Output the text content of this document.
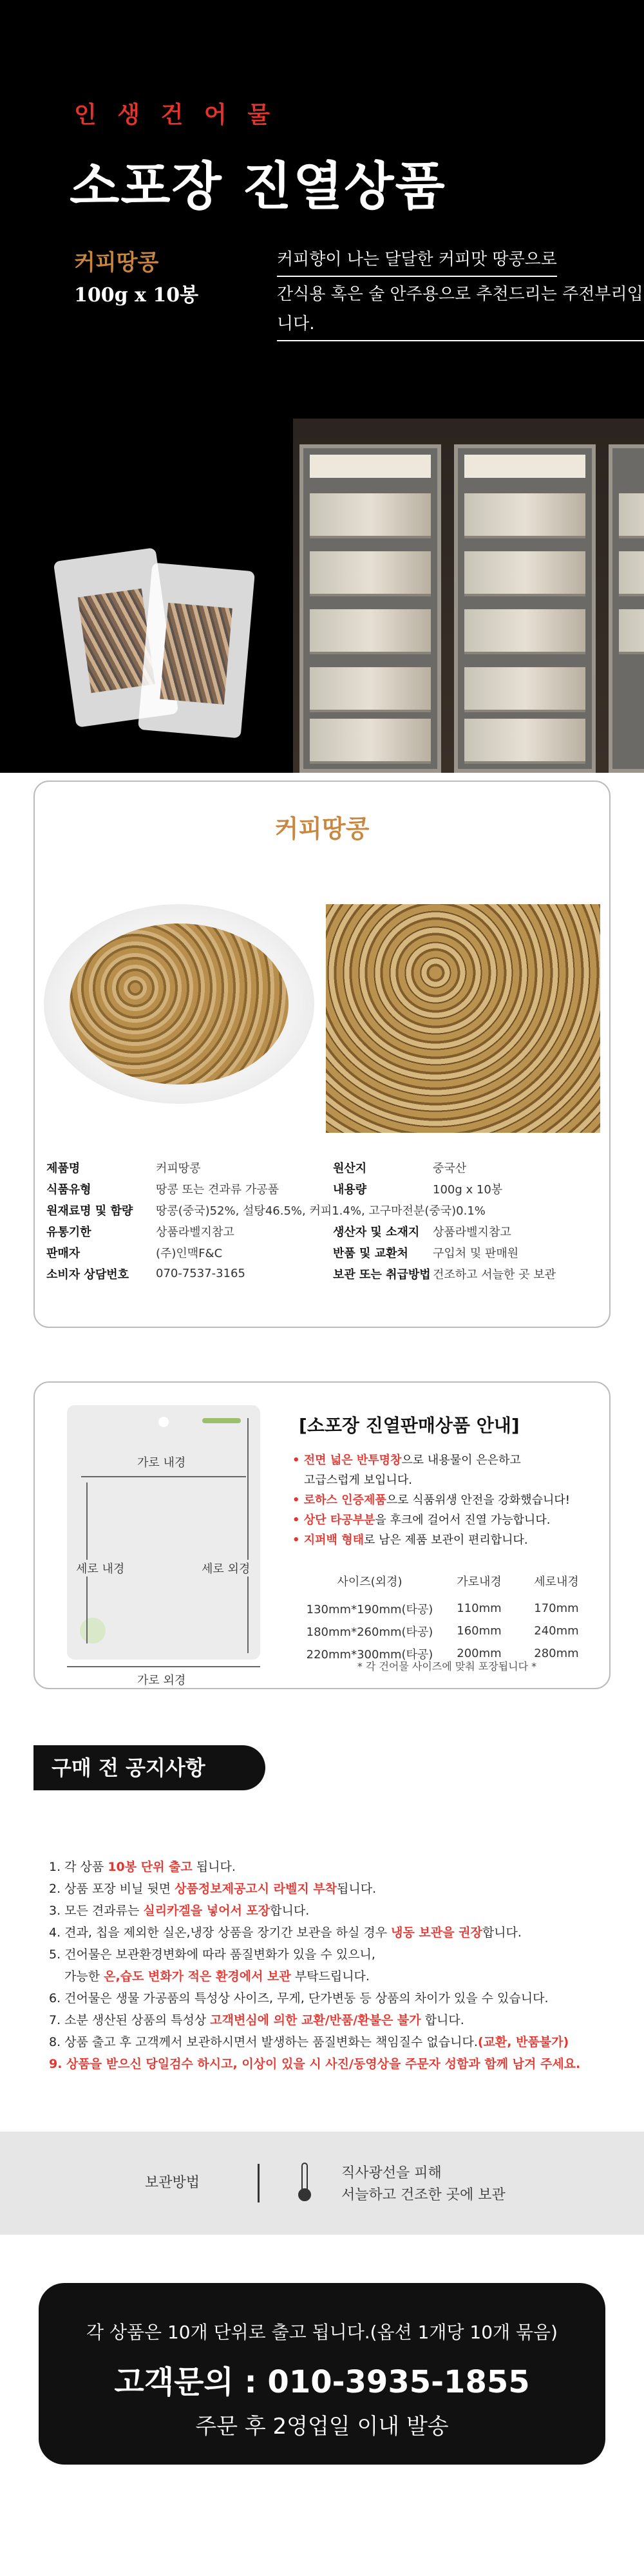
인 생 건 어 물
소포장 진열상품
커피땅콩
100g x 10봉
커피향이 나는 달달한 커피맛 땅콩으로
간식용 혹은 술 안주용으로 추천드리는 주전부리입니다.
커피땅콩
제품명	커피땅콩	원산지	중국산
식품유형	땅콩 또는 견과류 가공품	내용량	100g x 10봉
원재료명 및 함량	땅콩(중국)52%, 설탕46.5%, 커피1.4%, 고구마전분(중국)0.1%
유통기한	상품라벨지참고	생산자 및 소재지	상품라벨지참고
판매자	(주)인맥F&C	반품 및 교환처	구입처 및 판매원
소비자 상담번호	070-7537-3165	보관 또는 취급방법 건조하고 서늘한 곳 보관
가로 내경
세로 내경	세로 외경
가로 외경
[소포장 진열판매상품 안내]
• 전면 넓은 반투명창으로 내용물이 은은하고
고급스럽게 보입니다.
• 로하스 인증제품으로 식품위생 안전을 강화했습니다!
• 상단 타공부분을 후크에 걸어서 진열 가능합니다.
• 지퍼백 형태로 남은 제품 보관이 편리합니다.
사이즈(외경)	가로내경	세로내경
130mm*190mm(타공)	110mm	170mm
180mm*260mm(타공)	160mm	240mm
220mm*300mm(타공)	200mm	280mm
* 각 건어물 사이즈에 맞춰 포장됩니다 *
구매 전 공지사항
1. 각 상품 10봉 단위 출고 됩니다.
2. 상품 포장 비닐 뒷면 상품정보제공고시 라벨지 부착됩니다.
3. 모든 견과류는 실리카겔을 넣어서 포장합니다.
4. 견과, 칩을 제외한 실온,냉장 상품을 장기간 보관을 하실 경우 냉동 보관을 권장합니다.
5. 건어물은 보관환경변화에 따라 품질변화가 있을 수 있으니,
가능한 온,습도 변화가 적은 환경에서 보관 부탁드립니다.
6. 건어물은 생물 가공품의 특성상 사이즈, 무게, 단가변동 등 상품의 차이가 있을 수 있습니다.
7. 소분 생산된 상품의 특성상 고객변심에 의한 교환/반품/환불은 불가 합니다.
8. 상품 출고 후 고객께서 보관하시면서 발생하는 품질변화는 책임질수 없습니다.(교환, 반품불가)
9. 상품을 받으신 당일검수 하시고, 이상이 있을 시 사진/동영상을 주문자 성함과 함께 남겨 주세요.
보관방법
직사광선을 피해
서늘하고 건조한 곳에 보관
각 상품은 10개 단위로 출고 됩니다.(옵션 1개당 10개 묶음)
고객문의 : 010-3935-1855
주문 후 2영업일 이내 발송
